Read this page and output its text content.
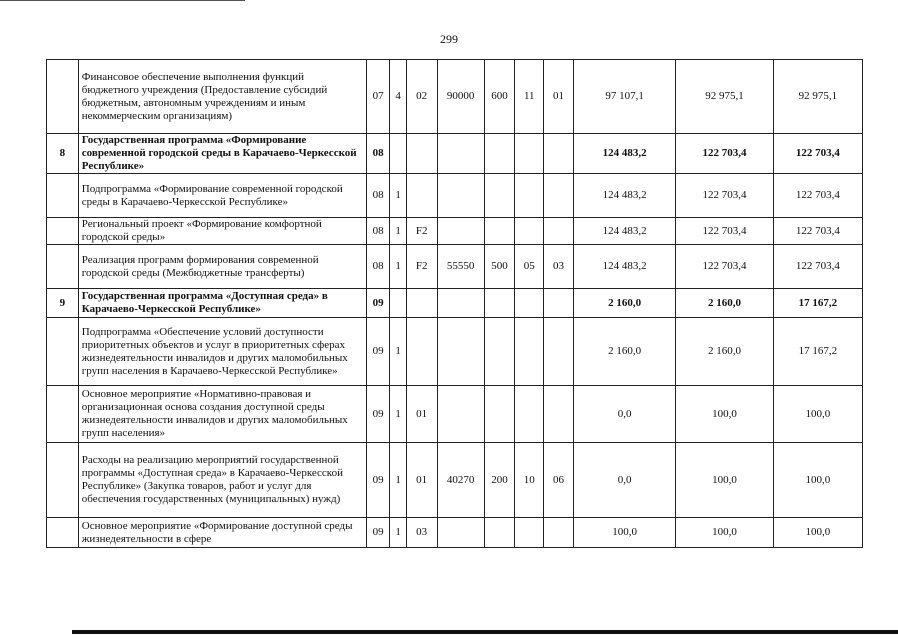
299
	Финансовое обеспечение выполнения функций бюджетного учреждения (Предоставление субсидий бюджетным, автономным учреждениям и иным некоммерческим организациям)	07	4	02	90000	600	11	01	97 107,1	92 975,1	92 975,1
8	Государственная программа «Формирование современной городской среды в Карачаево-Черкесской Республике»	08							124 483,2	122 703,4	122 703,4
	Подпрограмма «Формирование современной городской среды в Карачаево-Черкесской Республике»	08	1						124 483,2	122 703,4	122 703,4
	Региональный проект «Формирование комфортной городской среды»	08	1	F2					124 483,2	122 703,4	122 703,4
	Реализация программ формирования современной городской среды (Межбюджетные трансферты)	08	1	F2	55550	500	05	03	124 483,2	122 703,4	122 703,4
9	Государственная программа «Доступная среда» в Карачаево-Черкесской Республике»	09							2 160,0	2 160,0	17 167,2
	Подпрограмма «Обеспечение условий доступности приоритетных объектов и услуг в приоритетных сферах жизнедеятельности инвалидов и других маломобильных групп населения в Карачаево-Черкесской Республике»	09	1						2 160,0	2 160,0	17 167,2
	Основное мероприятие «Нормативно-правовая и организационная основа создания доступной среды жизнедеятельности инвалидов и других маломобильных групп населения»	09	1	01					0,0	100,0	100,0
	Расходы на реализацию мероприятий государственной программы «Доступная среда» в Карачаево-Черкесской Республике» (Закупка товаров, работ и услуг для обеспечения государственных (муниципальных) нужд)	09	1	01	40270	200	10	06	0,0	100,0	100,0
	Основное мероприятие «Формирование доступной среды жизнедеятельности в сфере	09	1	03					100,0	100,0	100,0
